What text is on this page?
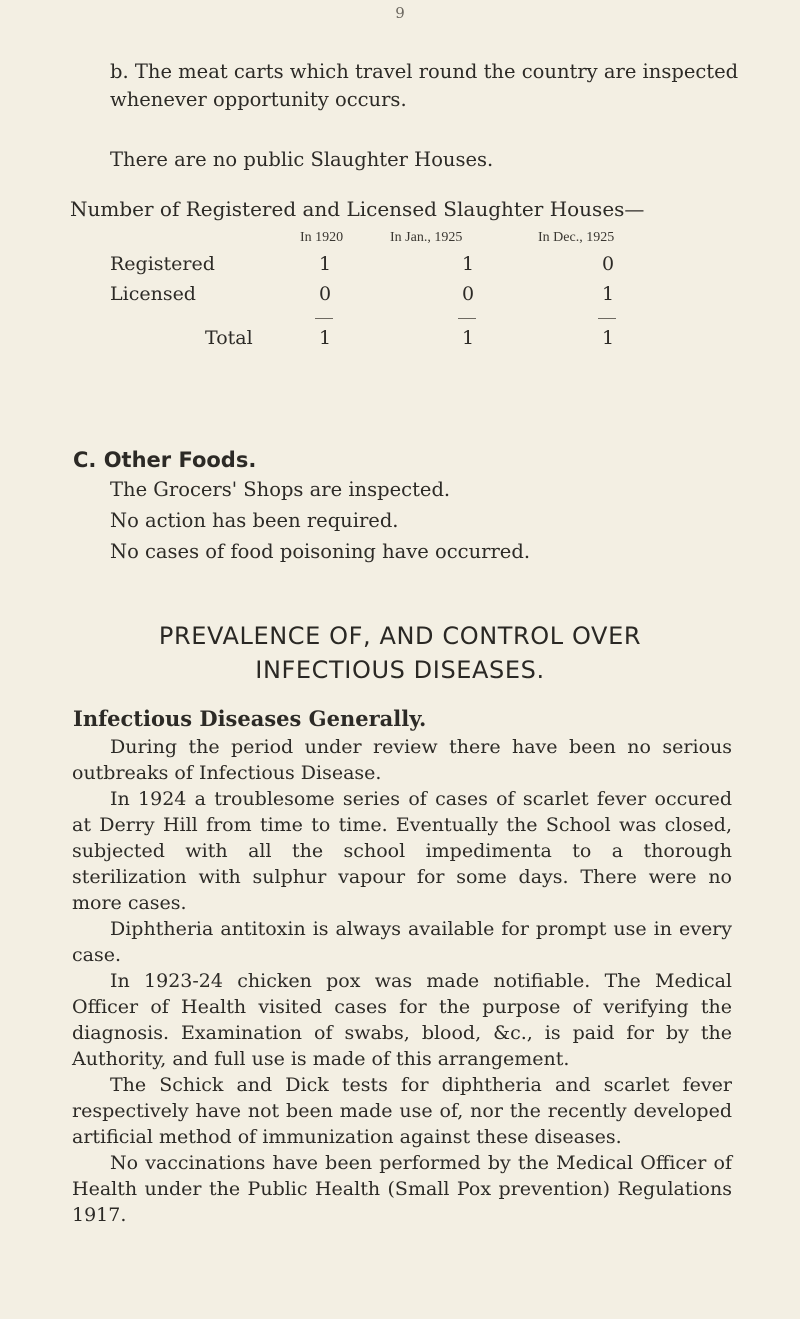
9

b. The meat carts which travel round the country are inspected whenever opportunity occurs.

There are no public Slaughter Houses.

Number of Registered and Licensed Slaughter Houses—

In 1920	In Jan., 1925	In Dec., 1925
Registered	1	1	0
Licensed	0	0	1
Total	1	1	1
C. Other Foods.
The Grocers' Shops are inspected.
No action has been required.
No cases of food poisoning have occurred.
PREVALENCE OF, AND CONTROL OVER
INFECTIOUS DISEASES.
Infectious Diseases Generally.

During the period under review there have been no serious outbreaks of Infectious Disease.

In 1924 a troublesome series of cases of scarlet fever occured at Derry Hill from time to time. Eventually the School was closed, subjected with all the school impedimenta to a thorough sterilization with sulphur vapour for some days. There were no more cases.

Diphtheria antitoxin is always available for prompt use in every case.

In 1923-24 chicken pox was made notifiable. The Medical Officer of Health visited cases for the purpose of verifying the diagnosis. Examination of swabs, blood, &c., is paid for by the Authority, and full use is made of this arrangement.

The Schick and Dick tests for diphtheria and scarlet fever respectively have not been made use of, nor the recently developed artificial method of immunization against these diseases.

No vaccinations have been performed by the Medical Officer of Health under the Public Health (Small Pox prevention) Regulations 1917.
